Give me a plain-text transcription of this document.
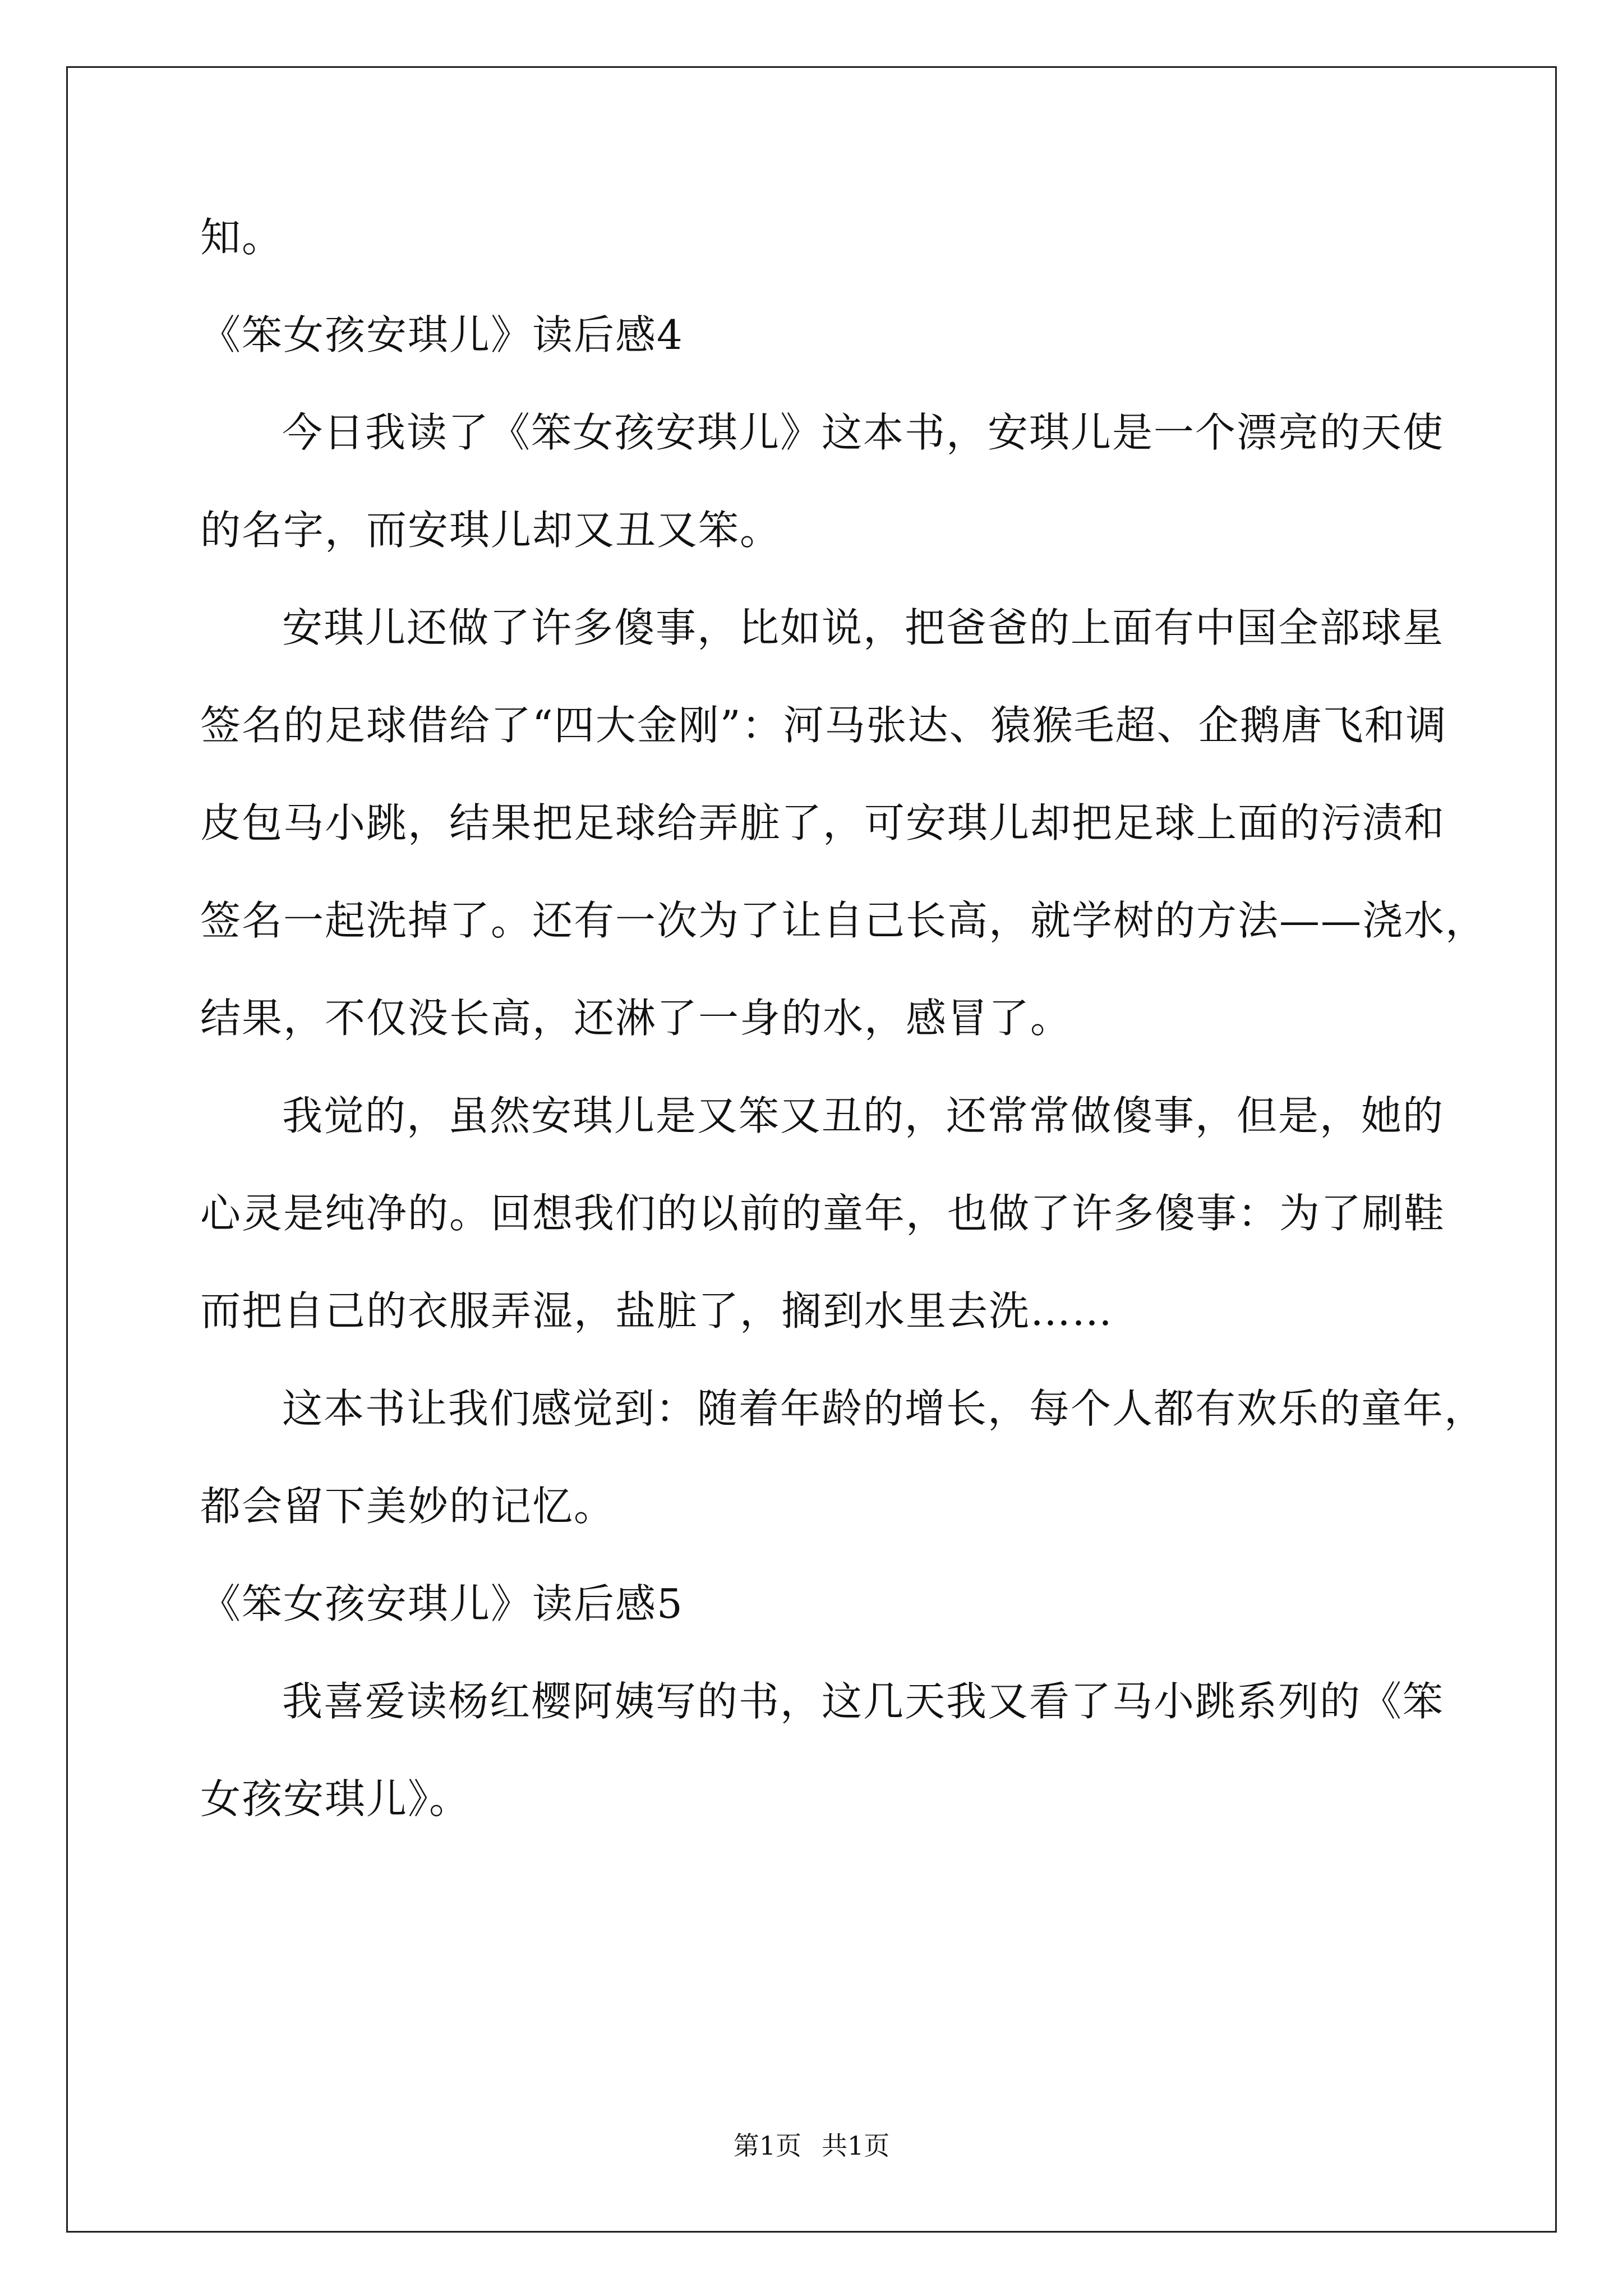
知。
《笨女孩安琪儿》读后感4
今日我读了《笨女孩安琪儿》这本书，安琪儿是一个漂亮的天使
的名字，而安琪儿却又丑又笨。
安琪儿还做了许多傻事，比如说，把爸爸的上面有中国全部球星
签名的足球借给了“四大金刚”：河马张达、猿猴毛超、企鹅唐飞和调
皮包马小跳，结果把足球给弄脏了，可安琪儿却把足球上面的污渍和
签名一起洗掉了。还有一次为了让自己长高，就学树的方法——浇水，
结果，不仅没长高，还淋了一身的水，感冒了。
我觉的，虽然安琪儿是又笨又丑的，还常常做傻事，但是，她的
心灵是纯净的。回想我们的以前的童年，也做了许多傻事：为了刷鞋
而把自己的衣服弄湿，盐脏了，搁到水里去洗……
这本书让我们感觉到：随着年龄的增长，每个人都有欢乐的童年，
都会留下美妙的记忆。
《笨女孩安琪儿》读后感5
我喜爱读杨红樱阿姨写的书，这几天我又看了马小跳系列的《笨
女孩安琪儿》。
第1页 共1页
